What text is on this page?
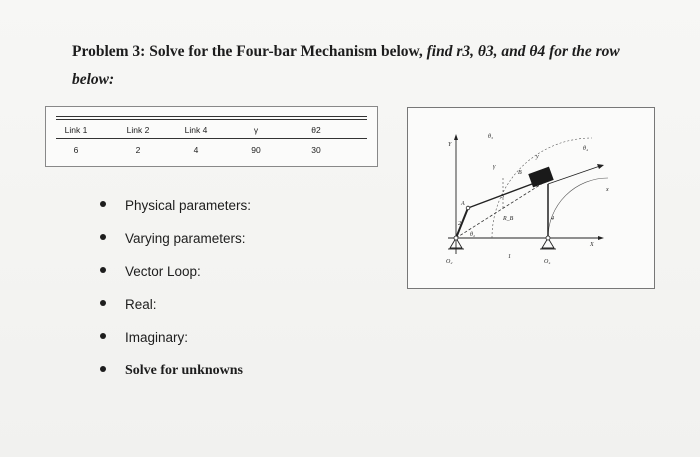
Problem 3: Solve for the Four-bar Mechanism below, find r3, θ3, and θ4 for the row
below:
Link 1	Link 2	Link 4	γ	θ2
6	2	4	90	30
Physical parameters:
Varying parameters:
Vector Loop:
Real:
Imaginary:
Solve for unknowns
O₂	O₄
Y
X
x
y
A
B
R_B
θ₂
θ₃
θ₄
γ
1
2
3
4
